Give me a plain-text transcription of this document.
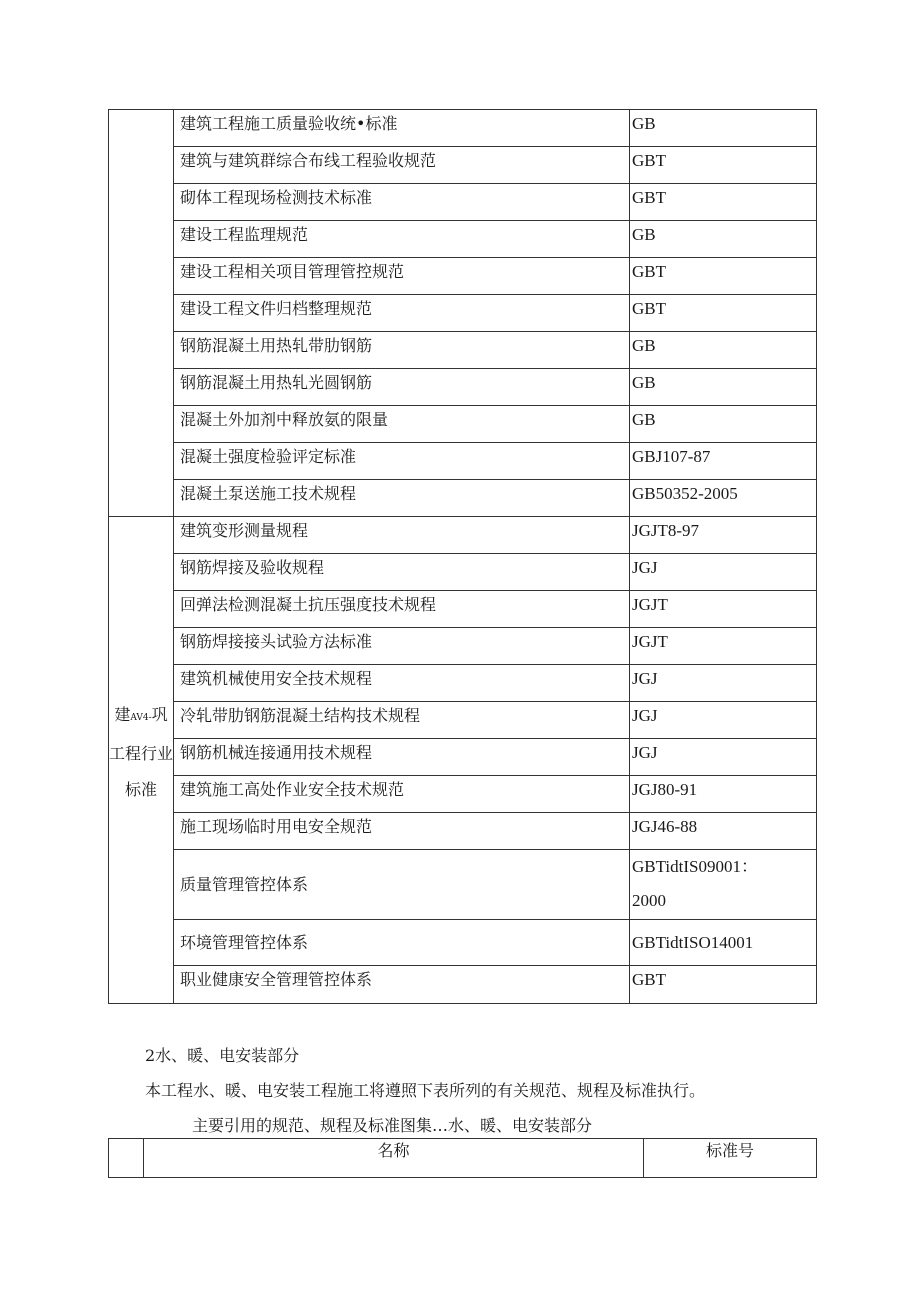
	建筑工程施工质量验收统•标准	GB
	建筑与建筑群综合布线工程验收规范	GBT
	砌体工程现场检测技术标准	GBT
	建设工程监理规范	GB
	建设工程相关项目管理管控规范	GBT
	建设工程文件归档整理规范	GBT
	钢筋混凝土用热轧带肋钢筋	GB
	钢筋混凝土用热轧光圆钢筋	GB
	混凝土外加剂中释放氨的限量	GB
	混凝土强度检验评定标准	GBJ107-87
	混凝土泵送施工技术规程	GB50352-2005

建AV4-巩
工程行业
标准	建筑变形测量规程	JGJT8-97
	钢筋焊接及验收规程	JGJ
	回弹法检测混凝土抗压强度技术规程	JGJT
	钢筋焊接接头试验方法标准	JGJT
	建筑机械使用安全技术规程	JGJ
	冷轧带肋钢筋混凝土结构技术规程	JGJ
	钢筋机械连接通用技术规程	JGJ
	建筑施工高处作业安全技术规范	JGJ80-91
	施工现场临时用电安全规范	JGJ46-88
	质量管理管控体系	GBTidtIS09001：
2000

	环境管理管控体系	GBTidtISO14001
	职业健康安全管理管控体系	GBT
2水、暖、电安装部分
本工程水、暖、电安装工程施工将遵照下表所列的有关规范、规程及标准执行。
主要引用的规范、规程及标准图集…水、暖、电安装部分
	名称	标准号
